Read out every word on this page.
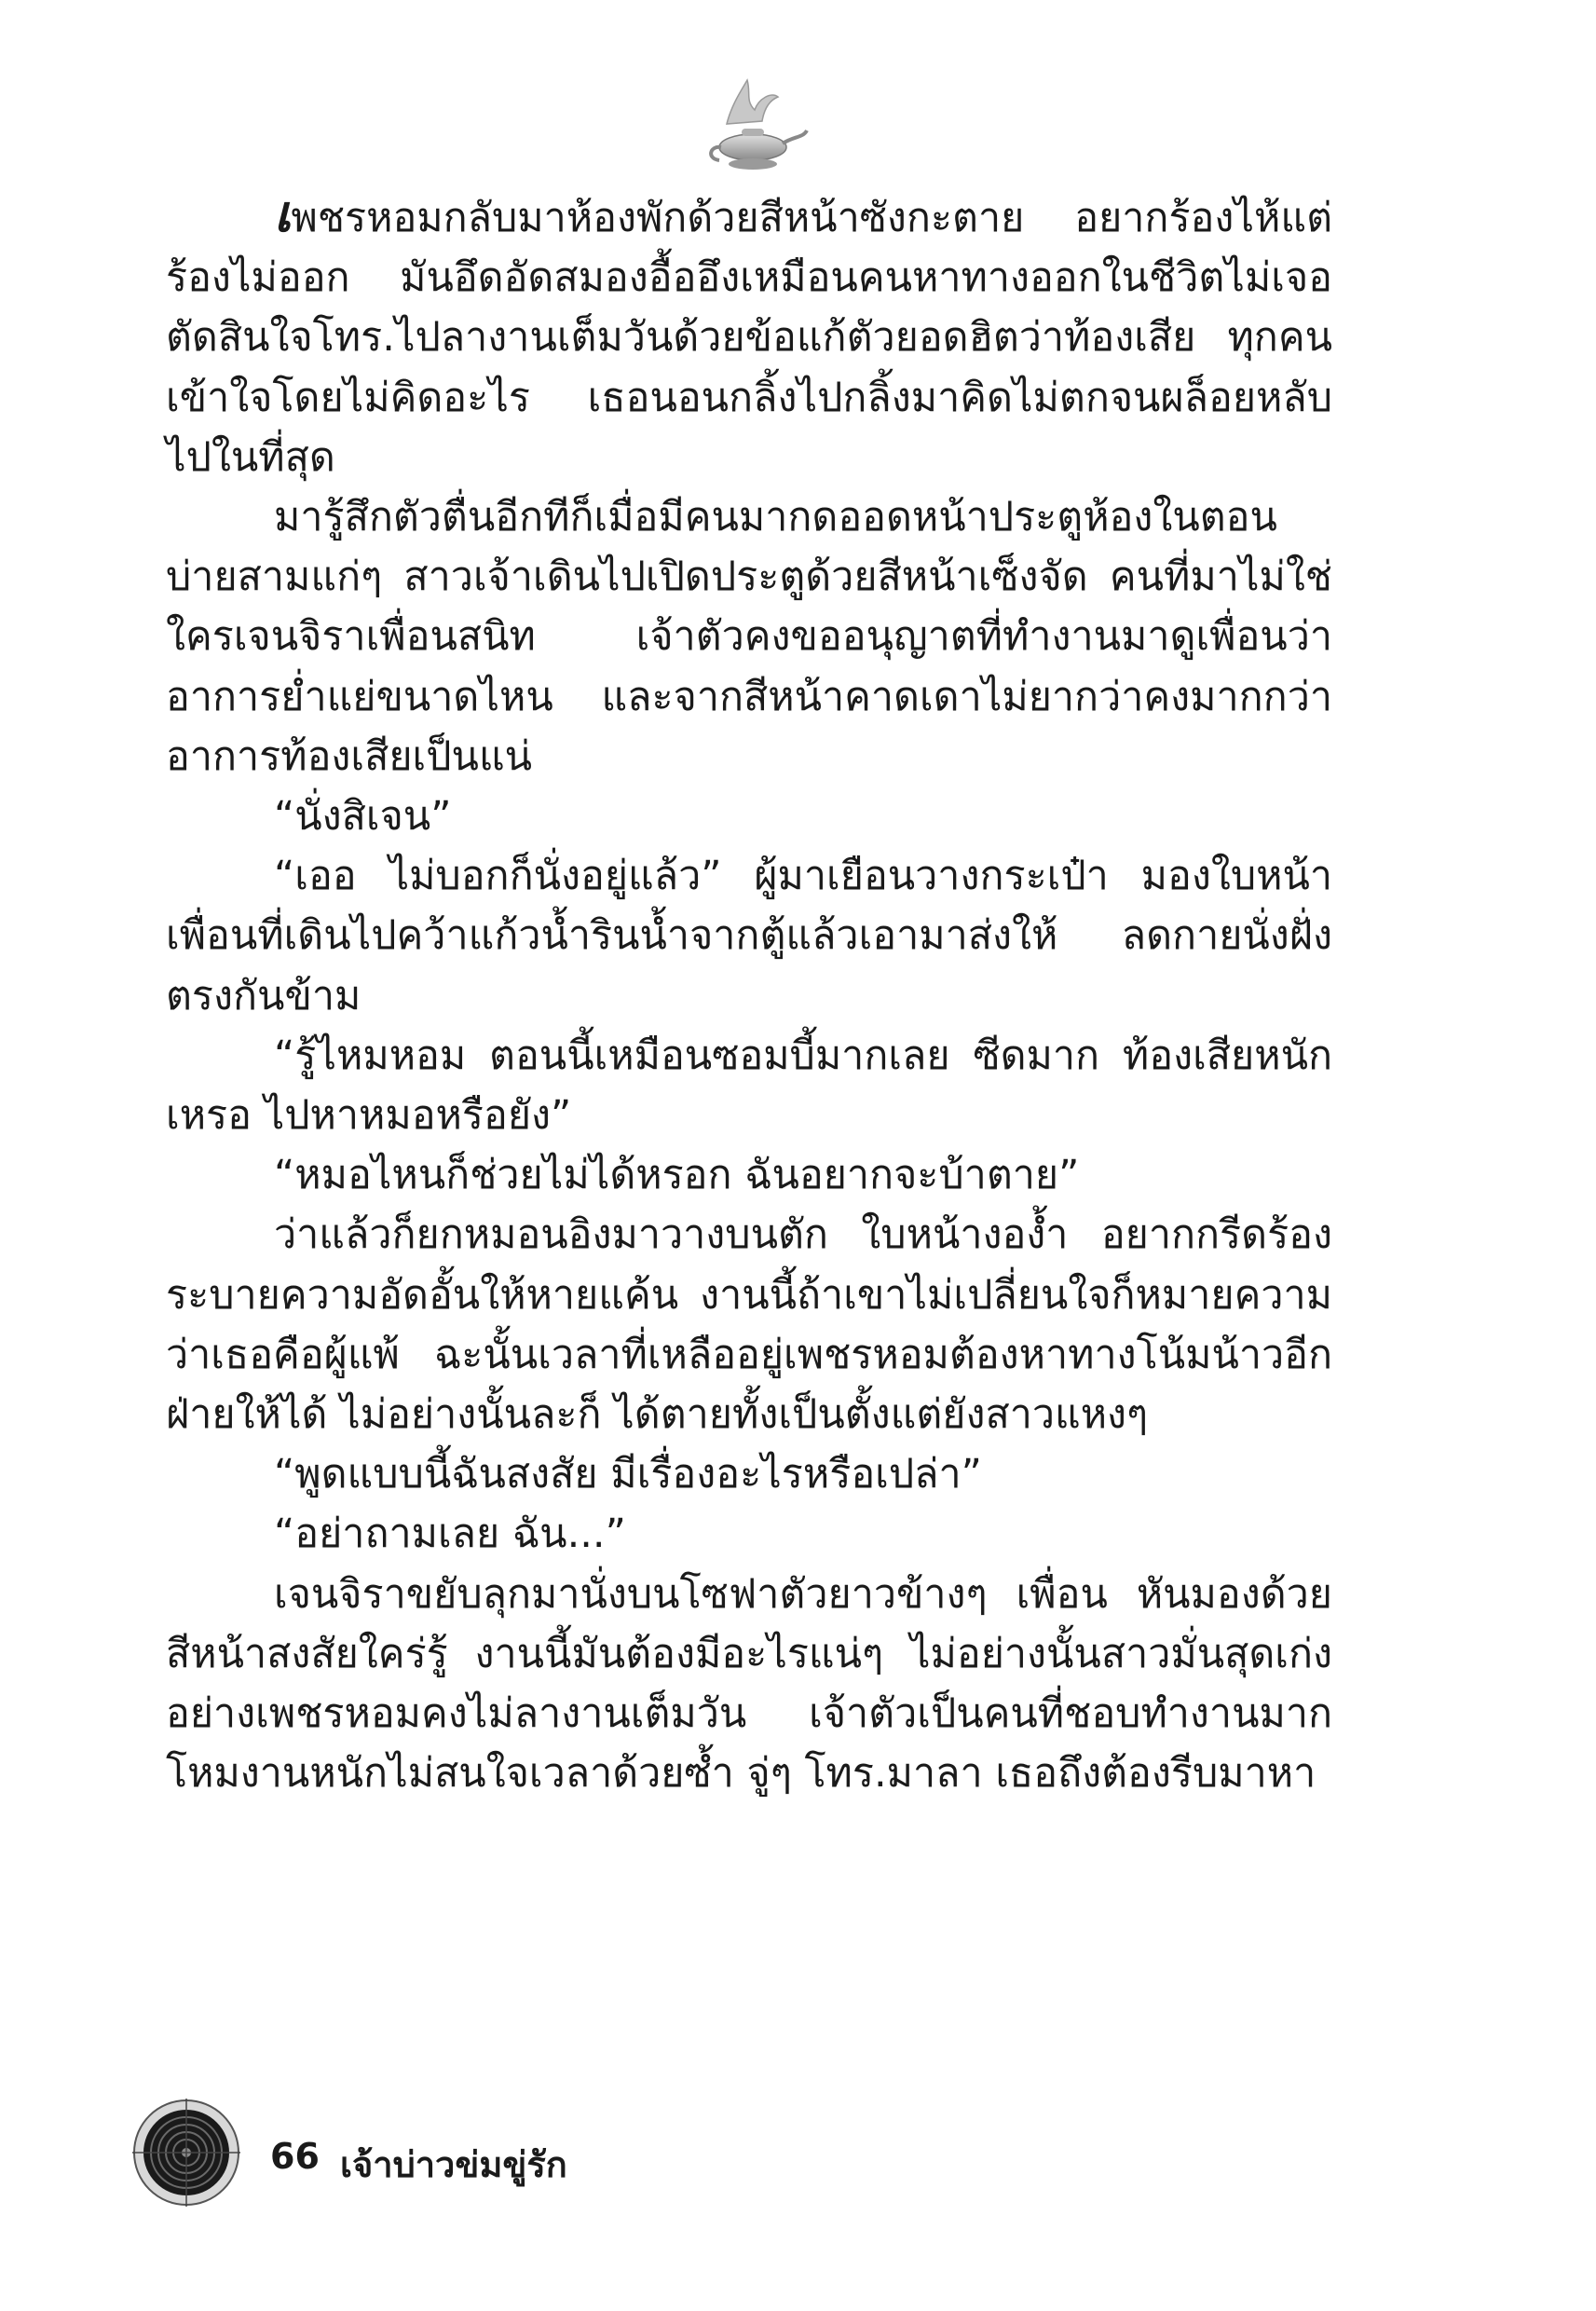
เพชรหอมกลับมาห้องพักด้วยสีหน้าซังกะตาย อยากร้องไห้แต่ร้องไม่ออก มันอึดอัดสมองอื้ออึงเหมือนคนหาทางออกในชีวิตไม่เจอ ตัดสินใจโทร.ไปลางานเต็มวันด้วยข้อแก้ตัวยอดฮิตว่าท้องเสีย ทุกคนเข้าใจโดยไม่คิดอะไร เธอนอนกลิ้งไปกลิ้งมาคิดไม่ตกจนผล็อยหลับไปในที่สุด

มารู้สึกตัวตื่นอีกทีก็เมื่อมีคนมากดออดหน้าประตูห้องในตอนบ่ายสามแก่ๆ สาวเจ้าเดินไปเปิดประตูด้วยสีหน้าเซ็งจัด คนที่มาไม่ใช่ใครเจนจิราเพื่อนสนิท เจ้าตัวคงขออนุญาตที่ทำงานมาดูเพื่อนว่าอาการย่ำแย่ขนาดไหน และจากสีหน้าคาดเดาไม่ยากว่าคงมากกว่าอาการท้องเสียเป็นแน่

“นั่งสิเจน”

“เออ ไม่บอกก็นั่งอยู่แล้ว” ผู้มาเยือนวางกระเป๋า มองใบหน้าเพื่อนที่เดินไปคว้าแก้วน้ำรินน้ำจากตู้แล้วเอามาส่งให้ ลดกายนั่งฝั่งตรงกันข้าม

“รู้ไหมหอม ตอนนี้เหมือนซอมบี้มากเลย ซีดมาก ท้องเสียหนักเหรอ ไปหาหมอหรือยัง”

“หมอไหนก็ช่วยไม่ได้หรอก ฉันอยากจะบ้าตาย”

ว่าแล้วก็ยกหมอนอิงมาวางบนตัก ใบหน้างอง้ำ อยากกรีดร้องระบายความอัดอั้นให้หายแค้น งานนี้ถ้าเขาไม่เปลี่ยนใจก็หมายความว่าเธอคือผู้แพ้ ฉะนั้นเวลาที่เหลืออยู่เพชรหอมต้องหาทางโน้มน้าวอีกฝ่ายให้ได้ ไม่อย่างนั้นละก็ ได้ตายทั้งเป็นตั้งแต่ยังสาวแหงๆ

“พูดแบบนี้ฉันสงสัย มีเรื่องอะไรหรือเปล่า”

“อย่าถามเลย ฉัน...”

เจนจิราขยับลุกมานั่งบนโซฟาตัวยาวข้างๆ เพื่อน หันมองด้วยสีหน้าสงสัยใคร่รู้ งานนี้มันต้องมีอะไรแน่ๆ ไม่อย่างนั้นสาวมั่นสุดเก่งอย่างเพชรหอมคงไม่ลางานเต็มวัน เจ้าตัวเป็นคนที่ชอบทำงานมาก โหมงานหนักไม่สนใจเวลาด้วยซ้ำ จู่ๆ โทร.มาลา เธอถึงต้องรีบมาหา

66 เจ้าบ่าวข่มขู่รัก
